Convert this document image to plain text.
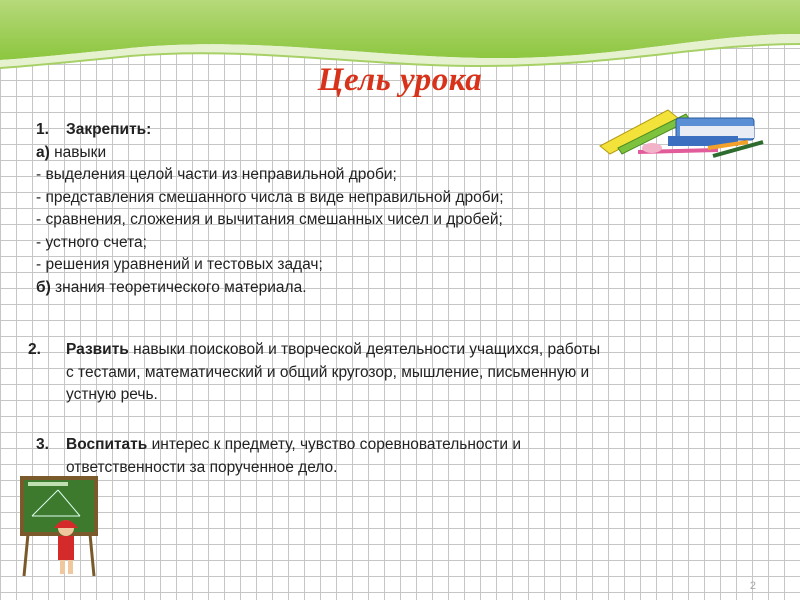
Цель урока
1. Закрепить:
а) навыки
- выделения целой части из неправильной дроби;
- представления смешанного числа в виде неправильной дроби;
- сравнения, сложения и вычитания смешанных чисел и дробей;
- устного счета;
- решения уравнений и тестовых задач;
б) знания теоретического материала.
2. Развить навыки поисковой и творческой деятельности учащихся, работы
с тестами, математический и общий кругозор, мышление, письменную и
устную речь.
3. Воспитать интерес к предмету, чувство соревновательности и
ответственности за порученное дело.
2
